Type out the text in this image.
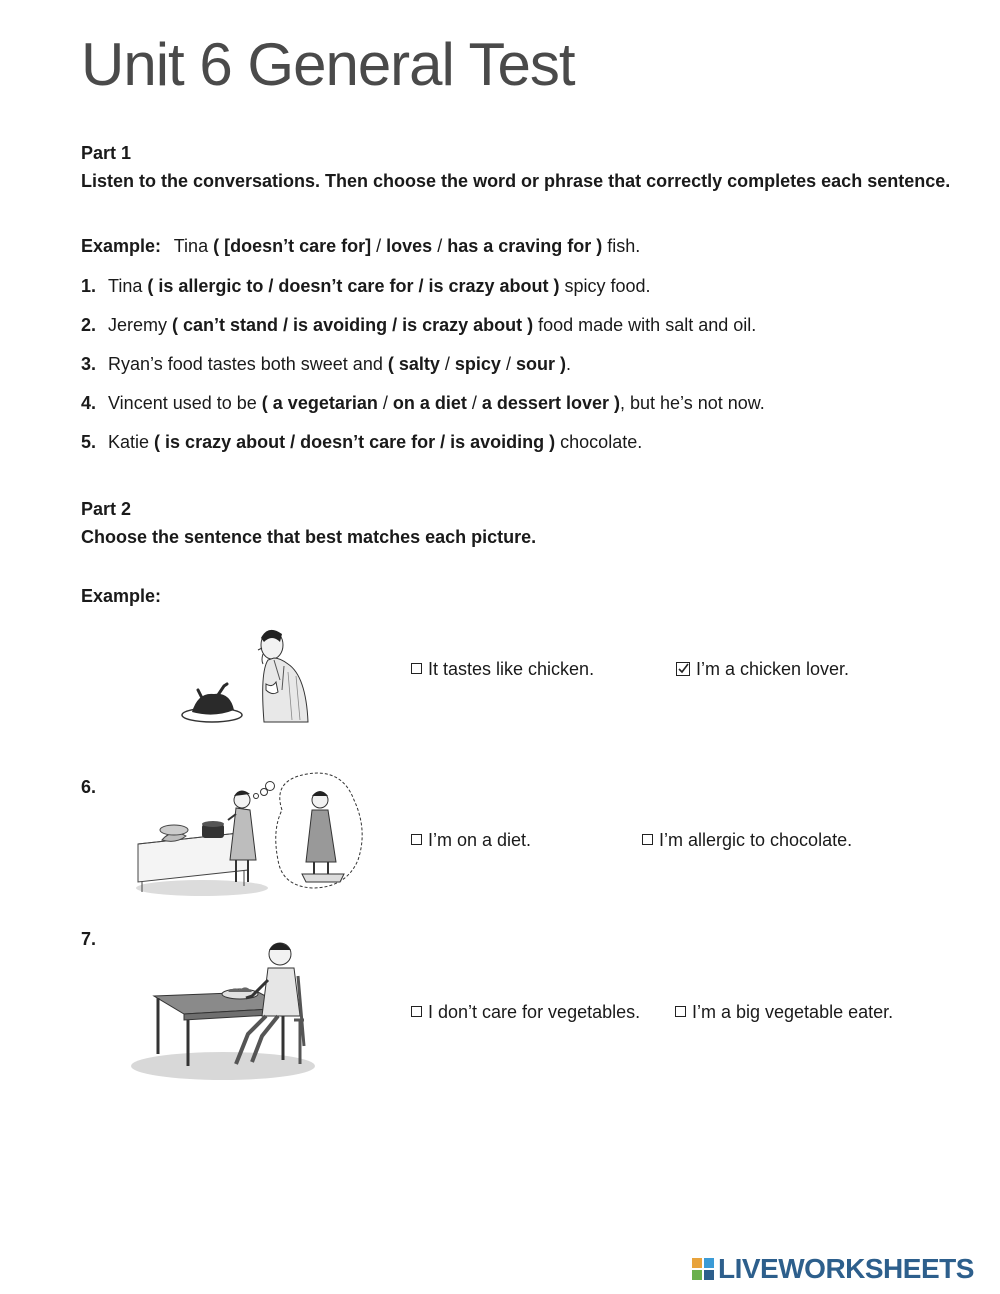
Unit 6 General Test
Part 1
Listen to the conversations. Then choose the word or phrase that correctly completes each sentence.
Example: Tina ( [doesn’t care for] / loves / has a craving for ) fish.
1. Tina ( is allergic to / doesn’t care for / is crazy about ) spicy food.
2. Jeremy ( can’t stand / is avoiding / is crazy about ) food made with salt and oil.
3. Ryan’s food tastes both sweet and ( salty / spicy / sour ).
4. Vincent used to be ( a vegetarian / on a diet / a dessert lover ), but he’s not now.
5. Katie ( is crazy about / doesn’t care for / is avoiding ) chocolate.
Part 2
Choose the sentence that best matches each picture.
Example:
It tastes like chicken.	I’m a chicken lover.
6.
I’m on a diet.	I’m allergic to chocolate.
7.
I don’t care for vegetables.	I’m a big vegetable eater.
LIVEWORKSHEETS
